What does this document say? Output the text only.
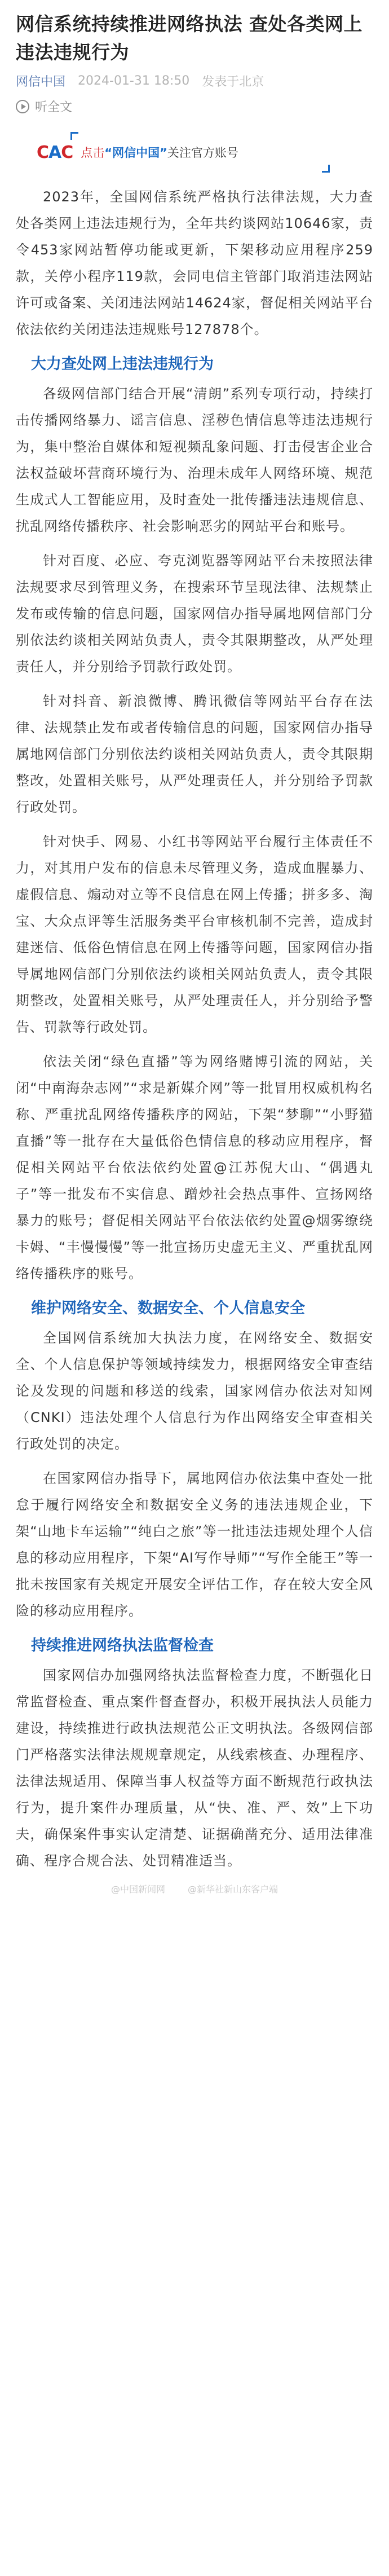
网信系统持续推进网络执法 查处各类网上违法违规行为
网信中国 2024-01-31 18:50 发表于北京
听全文
C A C 点击“网信中国”关注官方账号

2023年，全国网信系统严格执行法律法规，大力查处各类网上违法违规行为，全年共约谈网站10646家，责令453家网站暂停功能或更新，下架移动应用程序259款，关停小程序119款，会同电信主管部门取消违法网站许可或备案、关闭违法网站14624家，督促相关网站平台依法依约关闭违法违规账号127878个。

大力查处网上违法违规行为

各级网信部门结合开展“清朗”系列专项行动，持续打击传播网络暴力、谣言信息、淫秽色情信息等违法违规行为，集中整治自媒体和短视频乱象问题、打击侵害企业合法权益破坏营商环境行为、治理未成年人网络环境、规范生成式人工智能应用，及时查处一批传播违法违规信息、扰乱网络传播秩序、社会影响恶劣的网站平台和账号。

针对百度、必应、夸克浏览器等网站平台未按照法律法规要求尽到管理义务，在搜索环节呈现法律、法规禁止发布或传输的信息问题，国家网信办指导属地网信部门分别依法约谈相关网站负责人，责令其限期整改，从严处理责任人，并分别给予罚款行政处罚。

针对抖音、新浪微博、腾讯微信等网站平台存在法律、法规禁止发布或者传输信息的问题，国家网信办指导属地网信部门分别依法约谈相关网站负责人，责令其限期整改，处置相关账号，从严处理责任人，并分别给予罚款行政处罚。

针对快手、网易、小红书等网站平台履行主体责任不力，对其用户发布的信息未尽管理义务，造成血腥暴力、虚假信息、煽动对立等不良信息在网上传播；拼多多、淘宝、大众点评等生活服务类平台审核机制不完善，造成封建迷信、低俗色情信息在网上传播等问题，国家网信办指导属地网信部门分别依法约谈相关网站负责人，责令其限期整改，处置相关账号，从严处理责任人，并分别给予警告、罚款等行政处罚。

依法关闭“绿色直播”等为网络赌博引流的网站，关闭“中南海杂志网”“求是新媒介网”等一批冒用权威机构名称、严重扰乱网络传播秩序的网站，下架“梦聊”“小野猫直播”等一批存在大量低俗色情信息的移动应用程序，督促相关网站平台依法依约处置@江苏倪大山、“偶遇丸子”等一批发布不实信息、蹭炒社会热点事件、宣扬网络暴力的账号；督促相关网站平台依法依约处置@烟雾缭绕卡姆、“丰慢慢慢”等一批宣扬历史虚无主义、严重扰乱网络传播秩序的账号。

维护网络安全、数据安全、个人信息安全

全国网信系统加大执法力度，在网络安全、数据安全、个人信息保护等领域持续发力，根据网络安全审查结论及发现的问题和移送的线索，国家网信办依法对知网（CNKI）违法处理个人信息行为作出网络安全审查相关行政处罚的决定。

在国家网信办指导下，属地网信办依法集中查处一批怠于履行网络安全和数据安全义务的违法违规企业，下架“山地卡车运输”“纯白之旅”等一批违法违规处理个人信息的移动应用程序，下架“AI写作导师”“写作全能王”等一批未按国家有关规定开展安全评估工作，存在较大安全风险的移动应用程序。

持续推进网络执法监督检查

国家网信办加强网络执法监督检查力度，不断强化日常监督检查、重点案件督查督办，积极开展执法人员能力建设，持续推进行政执法规范公正文明执法。各级网信部门严格落实法律法规规章规定，从线索核查、办理程序、法律法规适用、保障当事人权益等方面不断规范行政执法行为，提升案件办理质量，从“快、准、严、效”上下功夫，确保案件事实认定清楚、证据确凿充分、适用法律准确、程序合规合法、处罚精准适当。

@中国新闻网	@新华社新山东客户端
